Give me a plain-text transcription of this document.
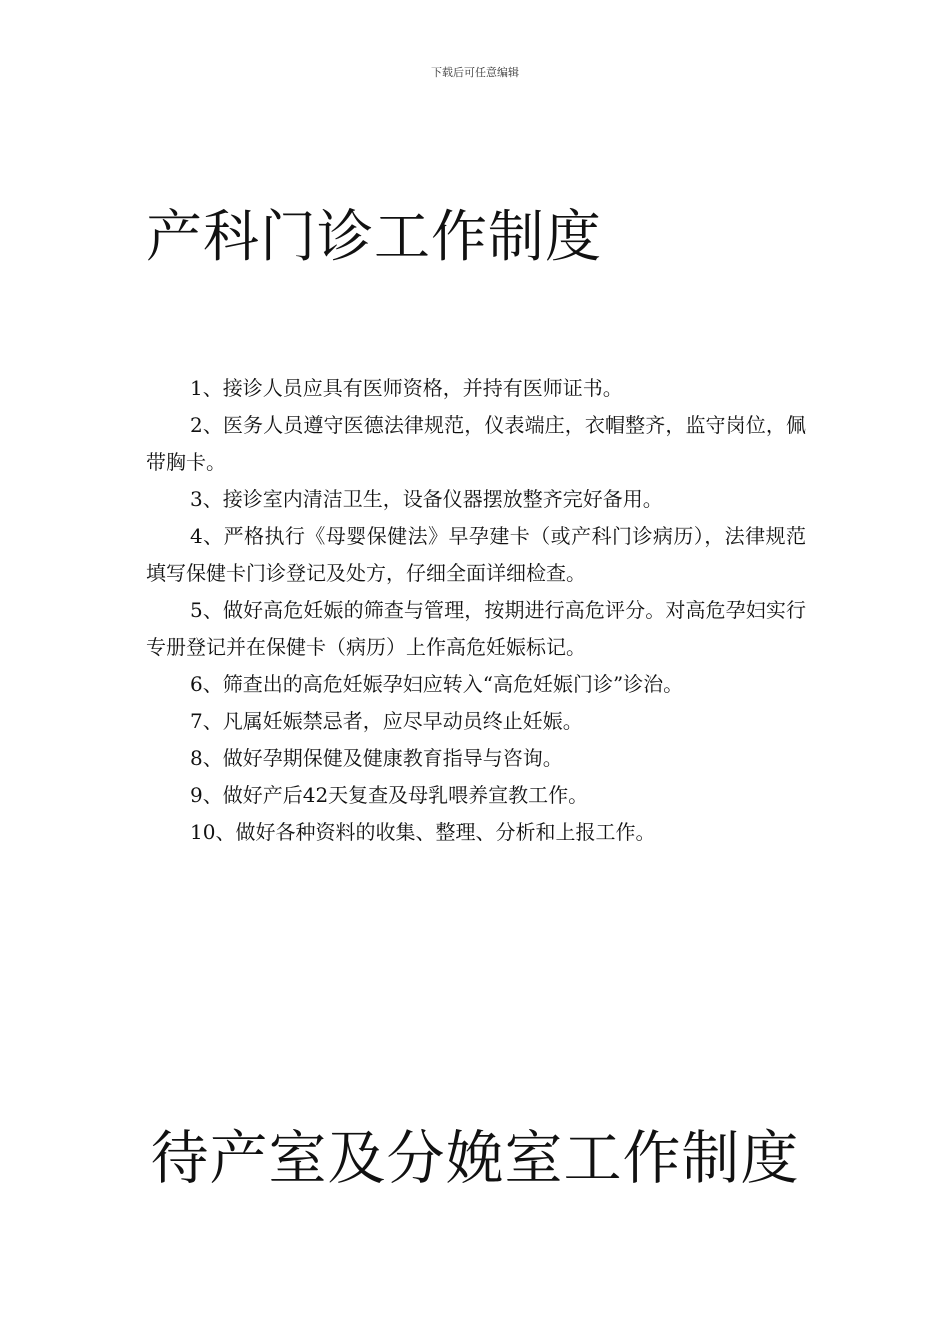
下载后可任意编辑
产科门诊工作制度
1、接诊人员应具有医师资格，并持有医师证书。
2、医务人员遵守医德法律规范，仪表端庄，衣帽整齐，监守岗位，佩带胸卡。
3、接诊室内清洁卫生，设备仪器摆放整齐完好备用。
4、严格执行《母婴保健法》早孕建卡（或产科门诊病历），法律规范填写保健卡门诊登记及处方，仔细全面详细检查。
5、做好高危妊娠的筛查与管理，按期进行高危评分。对高危孕妇实行专册登记并在保健卡（病历）上作高危妊娠标记。
6、筛查出的高危妊娠孕妇应转入“高危妊娠门诊”诊治。
7、凡属妊娠禁忌者，应尽早动员终止妊娠。
8、做好孕期保健及健康教育指导与咨询。
9、做好产后42天复查及母乳喂养宣教工作。
10、做好各种资料的收集、整理、分析和上报工作。
待产室及分娩室工作制度
